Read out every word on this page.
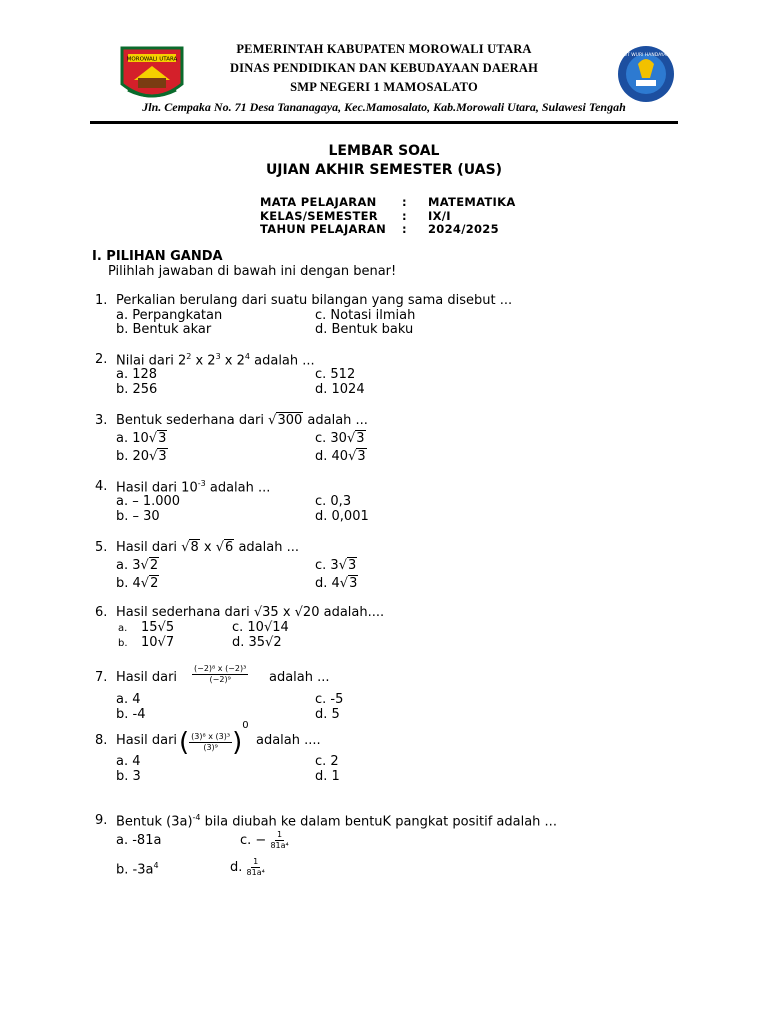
MOROWALI UTARA
TUT WURI HANDAYANI
PEMERINTAH KABUPATEN MOROWALI UTARA
DINAS PENDIDIKAN DAN KEBUDAYAAN DAERAH
SMP NEGERI 1 MAMOSALATO
Jln. Cempaka No. 71 Desa Tananagaya, Kec.Mamosalato, Kab.Morowali Utara, Sulawesi Tengah
LEMBAR SOAL
UJIAN AKHIR SEMESTER (UAS)
MATA PELAJARAN : MATEMATIKA
KELAS/SEMESTER : IX/I
TAHUN PELAJARAN : 2024/2025
I. PILIHAN GANDA
Pilihlah jawaban di bawah ini dengan benar!
1. Perkalian berulang dari suatu bilangan yang sama disebut ...
a. Perpangkatan
b. Bentuk akar
c. Notasi ilmiah
d. Bentuk baku
2. Nilai dari $2^2$ x $2^3$ x $2^4$ adalah ...
a. 128
b. 256
c. 512
d. 1024
3. Bentuk sederhana dari √300 adalah ...
a. 10√3
b. 20√3
c. 30√3
d. 40√3
4. Hasil dari $10^{-3}$ adalah ...
a. – 1.000
b. – 30
c. 0,3
d. 0,001
5. Hasil dari √8 x √6 adalah ...
a. 3√2
b. 4√2
c. 3√3
d. 4√3
6. Hasil sederhana dari √35 x √20 adalah....
a. 15√5
b. 10√7
c. 10√14
d. 35√2
7. Hasil dari $\frac{\text{(−2)⁸ x (−2)³}}{\text{(−2)⁹}}$ adalah ...
a. 4
b. -4
c. -5
d. 5
8. Hasil dari ( $\frac{\text{(3)⁸ x (3)³}}{\text{(3)⁹}} )^0$
adalah ....
a. 4
b. 3
c. 2
d. 1
9. Bentuk $(3a)^{-4}$ bila diubah ke dalam bentuK pangkat positif adalah ...
a. -81a
b. $-3a^4$
c. − $\frac{1}{\text{81a⁴}}$
d. $\frac{1}{\text{81a⁴}}$
